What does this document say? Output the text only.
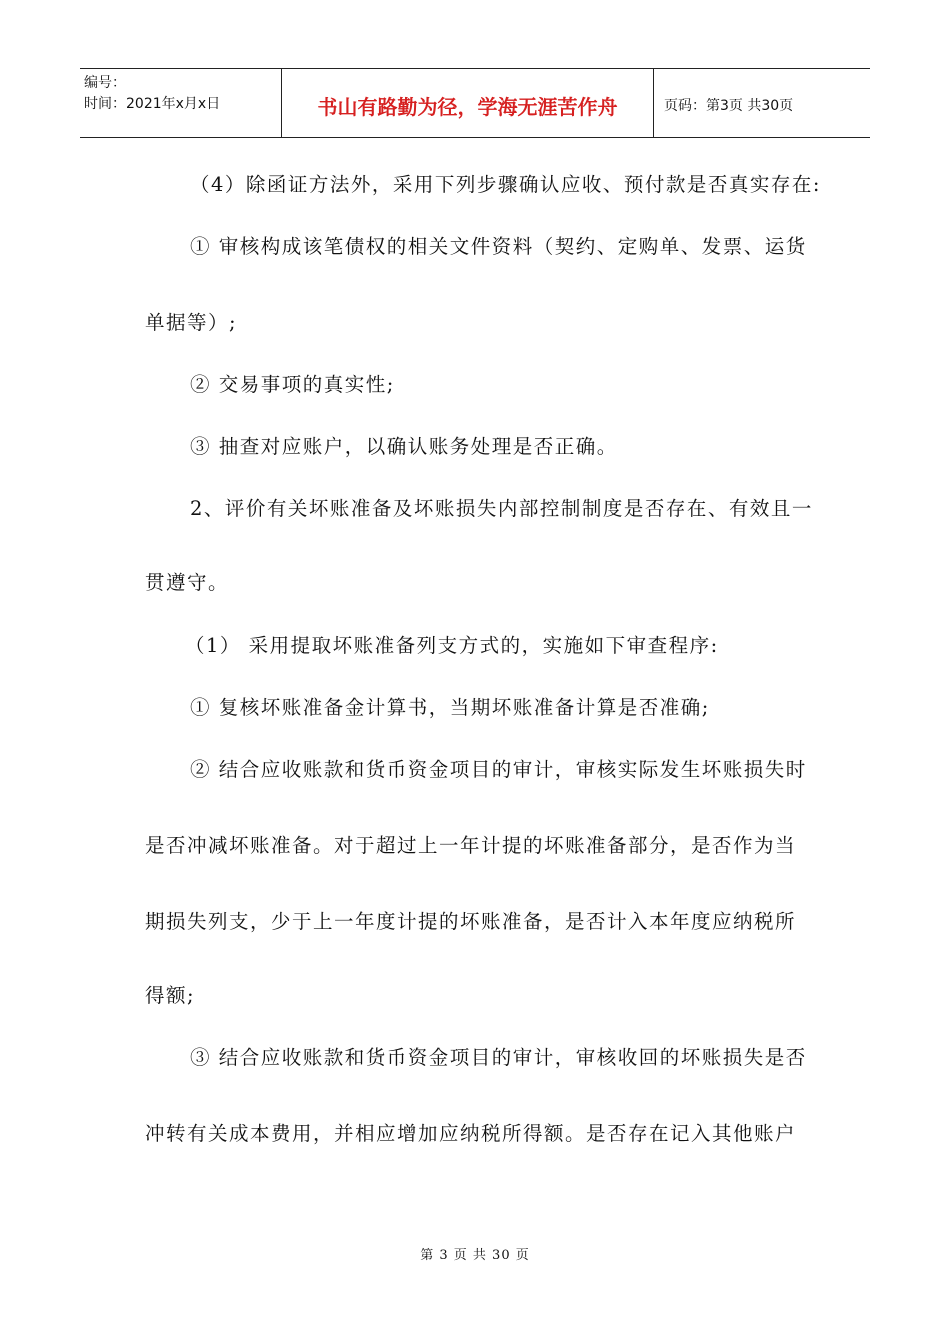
编号：
时间：2021年x月x日	书山有路勤为径，学海无涯苦作舟	页码：第3页 共30页
（4）除函证方法外，采用下列步骤确认应收、预付款是否真实存在:
① 审核构成该笔债权的相关文件资料（契约、定购单、发票、运货
单据等）;
② 交易事项的真实性;
③ 抽查对应账户，以确认账务处理是否正确。
2、评价有关坏账准备及坏账损失内部控制制度是否存在、有效且一
贯遵守。
（1） 采用提取坏账准备列支方式的，实施如下审查程序:
① 复核坏账准备金计算书，当期坏账准备计算是否准确;
② 结合应收账款和货币资金项目的审计，审核实际发生坏账损失时
是否冲减坏账准备。对于超过上一年计提的坏账准备部分，是否作为当
期损失列支，少于上一年度计提的坏账准备，是否计入本年度应纳税所
得额;
③ 结合应收账款和货币资金项目的审计，审核收回的坏账损失是否
冲转有关成本费用，并相应增加应纳税所得额。是否存在记入其他账户
第 3 页 共 30 页
